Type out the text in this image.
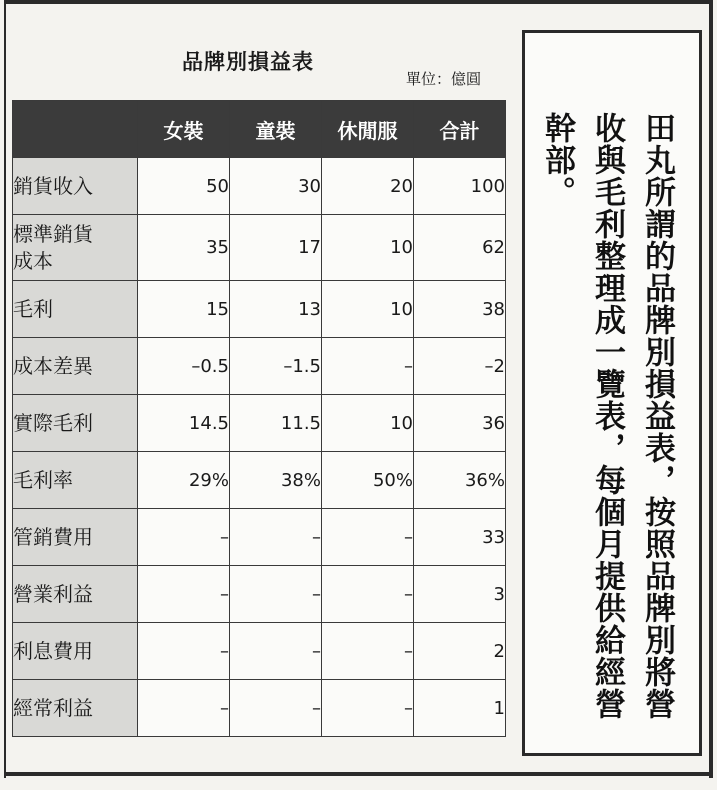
品牌別損益表
單位：億圓
	女裝	童裝	休閒服	合計
銷貨收入	50	30	20	100
標準銷貨成本	35	17	10	62
毛利	15	13	10	38
成本差異	–0.5	–1.5	–	–2
實際毛利	14.5	11.5	10	36
毛利率	29%	38%	50%	36%
管銷費用	–	–	–	33
營業利益	–	–	–	3
利息費用	–	–	–	2
經常利益	–	–	–	1	田丸所謂的品牌別損益表，按照品牌別將營收與毛利整理成一覽表，每個月提供給經營幹部。
